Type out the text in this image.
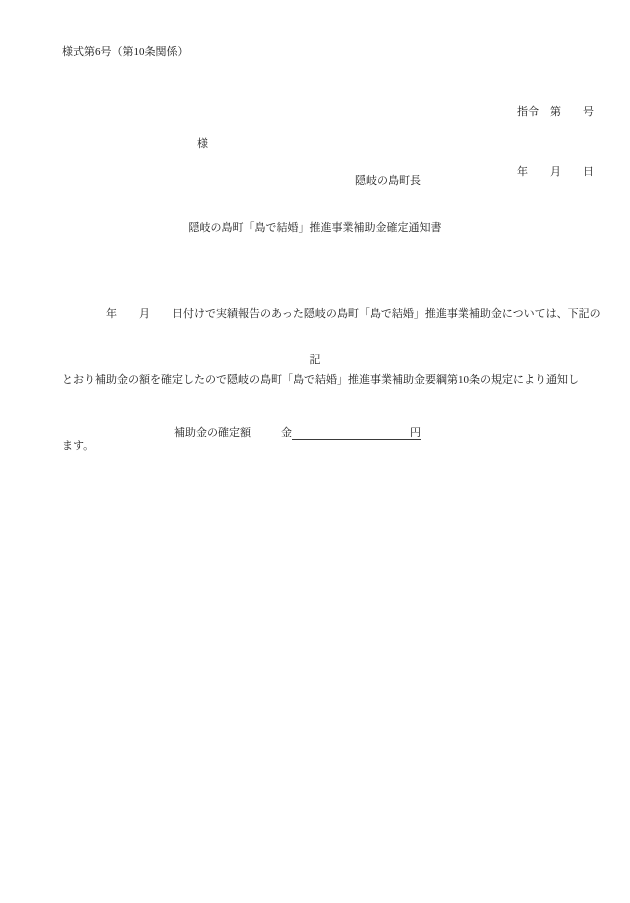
様式第6号（第10条関係）

指令　第　　号

年　　月　　日

様
隠岐の島町長
隠岐の島町「島で結婚」推進事業補助金確定通知書

　　　　年　　月　　日付けで実績報告のあった隠岐の島町「島で結婚」推進事業補助金については、下記の

とおり補助金の額を確定したので隠岐の島町「島で結婚」推進事業補助金要綱第10条の規定により通知し

ます。

記

補助金の確定額	金	円
